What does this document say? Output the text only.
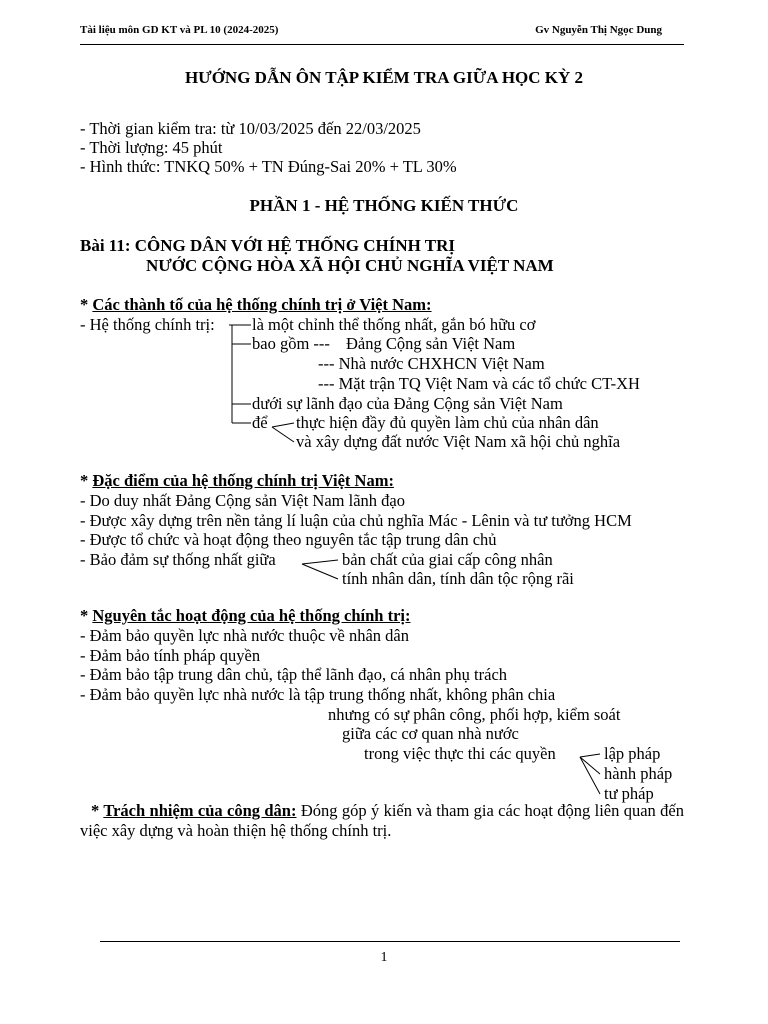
Tài liệu môn GD KT và PL 10 (2024-2025)	Gv Nguyễn Thị Ngọc Dung
HƯỚNG DẪN ÔN TẬP KIỂM TRA GIỮA HỌC KỲ 2
- Thời gian kiểm tra: từ 10/03/2025 đến 22/03/2025
- Thời lượng: 45 phút
- Hình thức: TNKQ 50% + TN Đúng-Sai 20% + TL 30%
PHẦN 1 - HỆ THỐNG KIẾN THỨC
Bài 11: CÔNG DÂN VỚI HỆ THỐNG CHÍNH TRỊ
NƯỚC CỘNG HÒA XÃ HỘI CHỦ NGHĨA VIỆT NAM
* Các thành tố của hệ thống chính trị ở Việt Nam:
- Hệ thống chính trị: là một chỉnh thể thống nhất, gắn bó hữu cơ
bao gồm --- Đảng Cộng sản Việt Nam
--- Nhà nước CHXHCN Việt Nam
--- Mặt trận TQ Việt Nam và các tổ chức CT-XH
dưới sự lãnh đạo của Đảng Cộng sản Việt Nam
để thực hiện đầy đủ quyền làm chủ của nhân dân
và xây dựng đất nước Việt Nam xã hội chủ nghĩa
* Đặc điểm của hệ thống chính trị Việt Nam:
- Do duy nhất Đảng Cộng sản Việt Nam lãnh đạo
- Được xây dựng trên nền tảng lí luận của chủ nghĩa Mác - Lênin và tư tưởng HCM
- Được tổ chức và hoạt động theo nguyên tắc tập trung dân chủ
- Bảo đảm sự thống nhất giữa	bản chất của giai cấp công nhân
tính nhân dân, tính dân tộc rộng rãi
* Nguyên tắc hoạt động của hệ thống chính trị:
- Đảm bảo quyền lực nhà nước thuộc về nhân dân
- Đảm bảo tính pháp quyền
- Đảm bảo tập trung dân chủ, tập thể lãnh đạo, cá nhân phụ trách
- Đảm bảo quyền lực nhà nước là tập trung thống nhất, không phân chia
nhưng có sự phân công, phối hợp, kiểm soát
giữa các cơ quan nhà nước
trong việc thực thi các quyền	lập pháp
hành pháp
tư pháp
* Trách nhiệm của công dân: Đóng góp ý kiến và tham gia các hoạt động liên quan đến việc xây dựng và hoàn thiện hệ thống chính trị.
1
